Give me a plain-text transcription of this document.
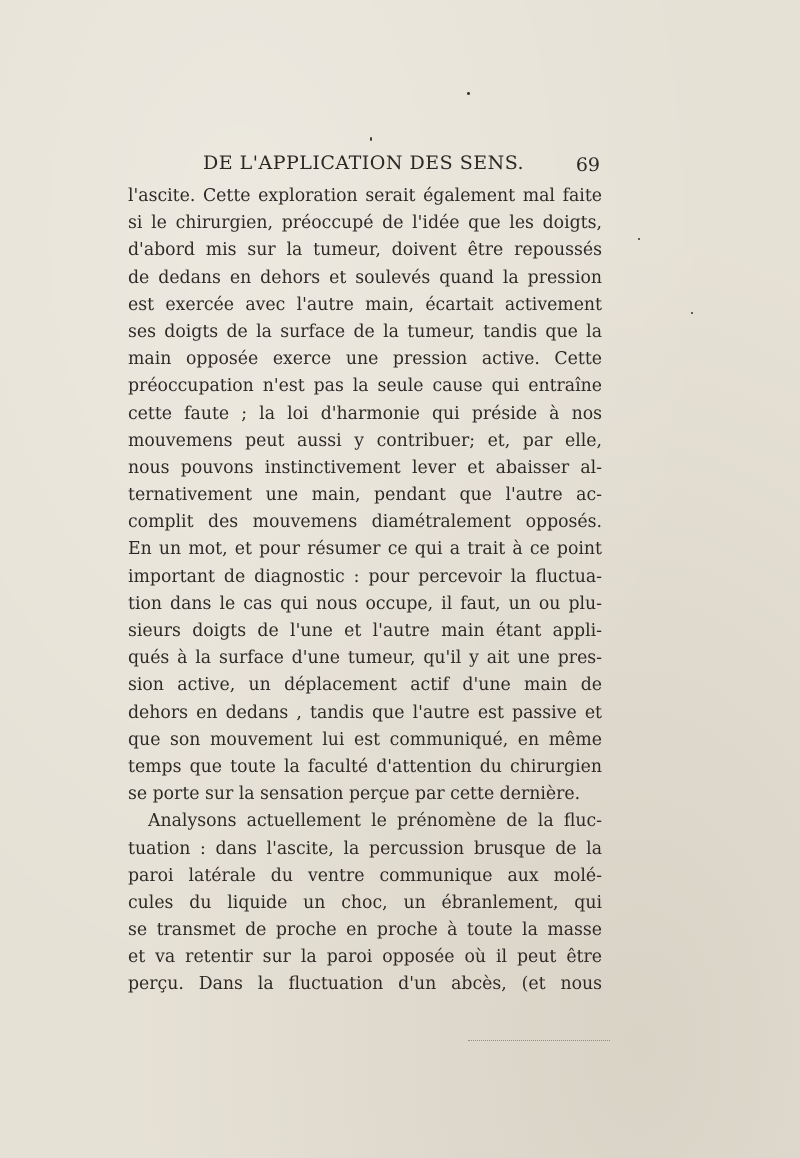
DE L'APPLICATION DES SENS.	69
l'ascite. Cette exploration serait également mal faite
si le chirurgien, préoccupé de l'idée que les doigts,
d'abord mis sur la tumeur, doivent être repoussés
de dedans en dehors et soulevés quand la pression
est exercée avec l'autre main, écartait activement
ses doigts de la surface de la tumeur, tandis que la
main opposée exerce une pression active. Cette
préoccupation n'est pas la seule cause qui entraîne
cette faute ; la loi d'harmonie qui préside à nos
mouvemens peut aussi y contribuer; et, par elle,
nous pouvons instinctivement lever et abaisser al-
ternativement une main, pendant que l'autre ac-
complit des mouvemens diamétralement opposés.
En un mot, et pour résumer ce qui a trait à ce point
important de diagnostic : pour percevoir la fluctua-
tion dans le cas qui nous occupe, il faut, un ou plu-
sieurs doigts de l'une et l'autre main étant appli-
qués à la surface d'une tumeur, qu'il y ait une pres-
sion active, un déplacement actif d'une main de
dehors en dedans , tandis que l'autre est passive et
que son mouvement lui est communiqué, en même
temps que toute la faculté d'attention du chirurgien
se porte sur la sensation perçue par cette dernière.
Analysons actuellement le prénomène de la fluc-
tuation : dans l'ascite, la percussion brusque de la
paroi latérale du ventre communique aux molé-
cules du liquide un choc, un ébranlement, qui
se transmet de proche en proche à toute la masse
et va retentir sur la paroi opposée où il peut être
perçu. Dans la fluctuation d'un abcès, (et nous
